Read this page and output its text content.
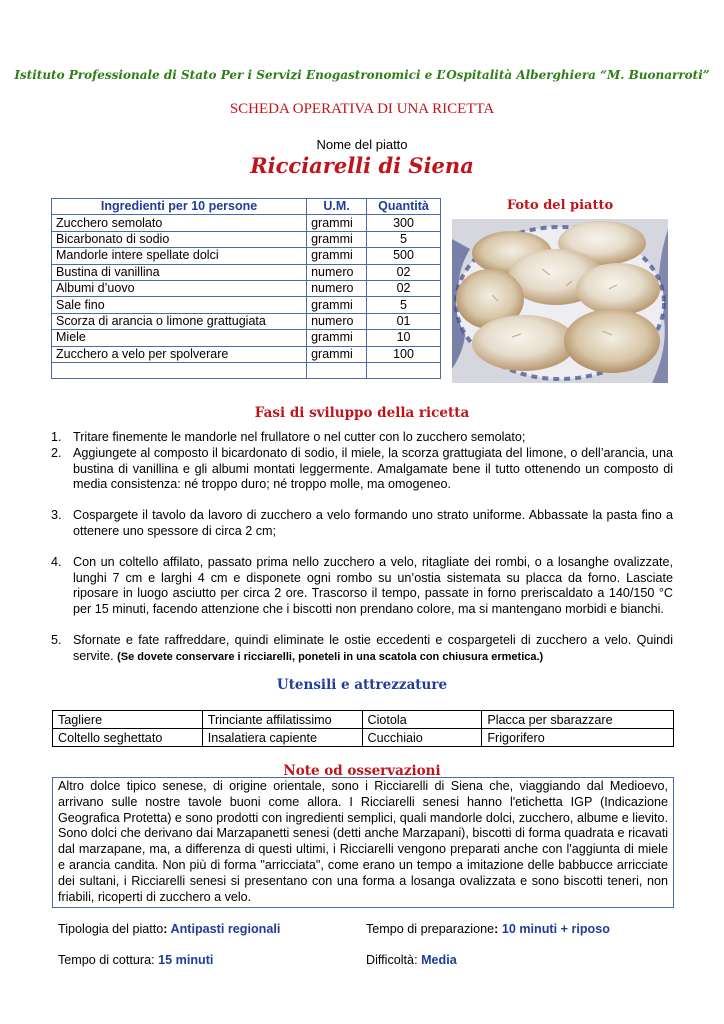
Istituto Professionale di Stato Per i Servizi Enogastronomici e L’Ospitalità Alberghiera “M. Buonarroti”
SCHEDA OPERATIVA DI UNA RICETTA
Nome del piatto
Ricciarelli di Siena
Ingredienti per 10 persone	U.M.	Quantità
Zucchero semolato	grammi	300
Bicarbonato di sodio	grammi	5
Mandorle intere spellate dolci	grammi	500
Bustina di vanillina	numero	02
Albumi d’uovo	numero	02
Sale fino	grammi	5
Scorza di arancia o limone grattugiata	numero	01
Miele	grammi	10
Zucchero a velo per spolverare	grammi	100

Foto del piatto
Fasi di sviluppo della ricetta
1. Tritare finemente le mandorle nel frullatore o nel cutter con lo zucchero semolato;
2. Aggiungete al composto il bicardonato di sodio, il miele, la scorza grattugiata del limone, o dell’arancia, una bustina di vanillina e gli albumi montati leggermente. Amalgamate bene il tutto ottenendo un composto di media consistenza: né troppo duro; né troppo molle, ma omogeneo.
3. Cospargete il tavolo da lavoro di zucchero a velo formando uno strato uniforme. Abbassate la pasta fino a ottenere uno spessore di circa 2 cm;
4. Con un coltello affilato, passato prima nello zucchero a velo, ritagliate dei rombi, o a losanghe ovalizzate, lunghi 7 cm e larghi 4 cm e disponete ogni rombo su un’ostia sistemata su placca da forno. Lasciate riposare in luogo asciutto per circa 2 ore. Trascorso il tempo, passate in forno preriscaldato a 140/150 °C per 15 minuti, facendo attenzione che i biscotti non prendano colore, ma si mantengano morbidi e bianchi.
5. Sfornate e fate raffreddare, quindi eliminate le ostie eccedenti e cospargeteli di zucchero a velo. Quindi servite. (Se dovete conservare i ricciarelli, poneteli in una scatola con chiusura ermetica.)
Utensili e attrezzature
Tagliere	Trinciante affilatissimo	Ciotola	Placca per sbarazzare
Coltello seghettato	Insalatiera capiente	Cucchiaio	Frigorifero
Note od osservazioni
Altro dolce tipico senese, di origine orientale, sono i Ricciarelli di Siena che, viaggiando dal Medioevo, arrivano sulle nostre tavole buoni come allora. I Ricciarelli senesi hanno l'etichetta IGP (Indicazione Geografica Protetta) e sono prodotti con ingredienti semplici, quali mandorle dolci, zucchero, albume e lievito. Sono dolci che derivano dai Marzapanetti senesi (detti anche Marzapani), biscotti di forma quadrata e ricavati dal marzapane, ma, a differenza di questi ultimi, i Ricciarelli vengono preparati anche con l'aggiunta di miele e arancia candita. Non più di forma "arricciata", come erano un tempo a imitazione delle babbucce arricciate dei sultani, i Ricciarelli senesi si presentano con una forma a losanga ovalizzata e sono biscotti teneri, non friabili, ricoperti di zucchero a velo.
Tipologia del piatto: Antipasti regionali	Tempo di preparazione: 10 minuti + riposo
Tempo di cottura: 15 minuti	Difficoltà: Media
